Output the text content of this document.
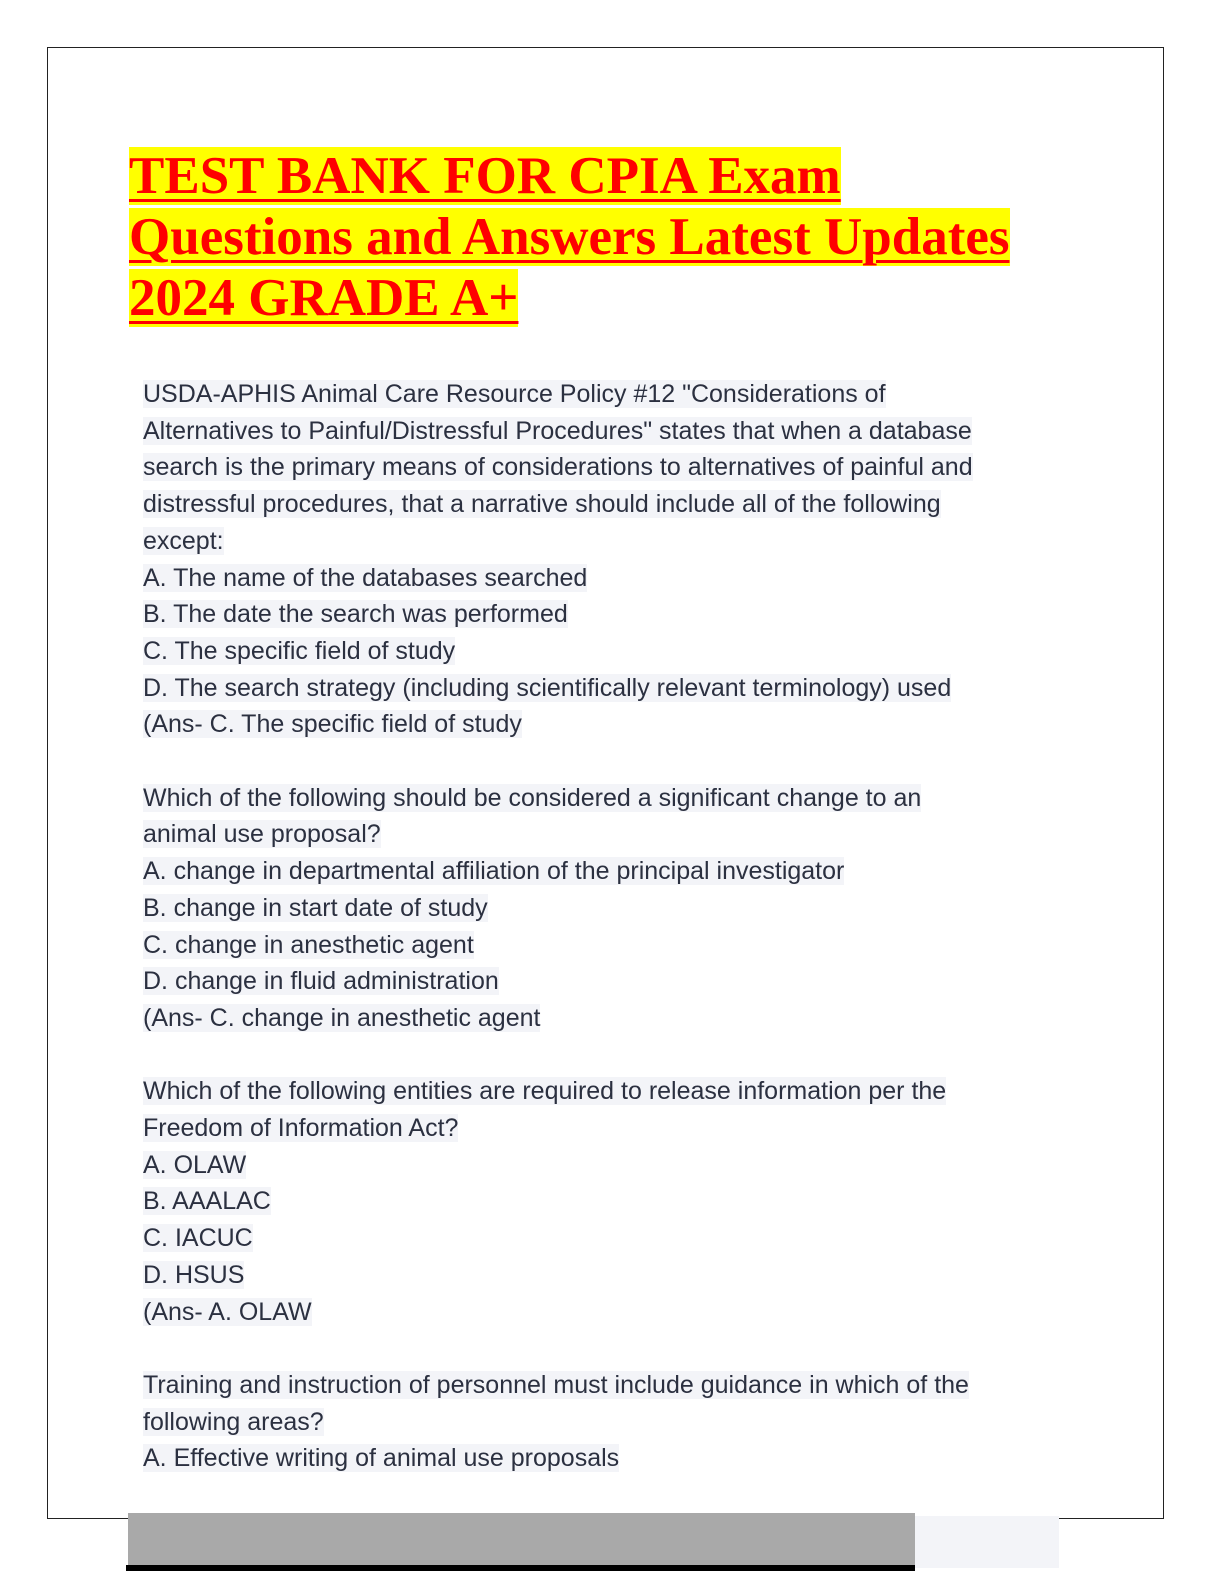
TEST BANK FOR CPIA Exam
Questions and Answers Latest Updates
2024 GRADE A+
USDA-APHIS Animal Care Resource Policy #12 "Considerations of
Alternatives to Painful/Distressful Procedures" states that when a database
search is the primary means of considerations to alternatives of painful and
distressful procedures, that a narrative should include all of the following
except:
A. The name of the databases searched
B. The date the search was performed
C. The specific field of study
D. The search strategy (including scientifically relevant terminology) used
(Ans- C. The specific field of study
Which of the following should be considered a significant change to an
animal use proposal?
A. change in departmental affiliation of the principal investigator
B. change in start date of study
C. change in anesthetic agent
D. change in fluid administration
(Ans- C. change in anesthetic agent
Which of the following entities are required to release information per the
Freedom of Information Act?
A. OLAW
B. AAALAC
C. IACUC
D. HSUS
(Ans- A. OLAW
Training and instruction of personnel must include guidance in which of the
following areas?
A. Effective writing of animal use proposals
